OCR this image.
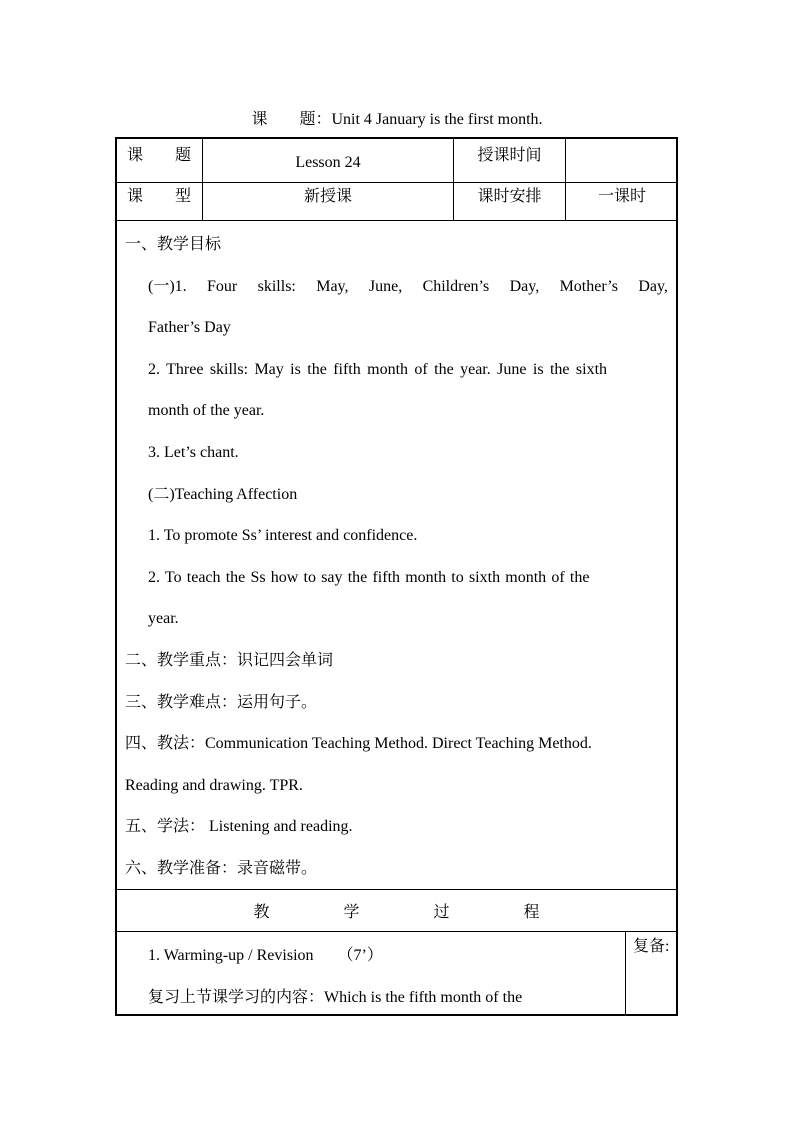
课　　题：Unit 4 January is the first month.
课　　题	Lesson 24	授课时间
课　　型	新授课	课时安排	一课时

一、教学目标

(一)1. Four skills: May, June, Children’s Day, Mother’s Day,

Father’s Day

2. Three skills: May is the fifth month of the year. June is the sixth

month of the year.

3. Let’s chant.

(二)Teaching Affection

1. To promote Ss’ interest and confidence.

2. To teach the Ss how to say the fifth month to sixth month of the

year.

二、教学重点：识记四会单词

三、教学难点：运用句子。

四、教法：Communication Teaching Method. Direct Teaching Method.

Reading and drawing. TPR.

五、学法： Listening and reading.

六、教学准备：录音磁带。

教	学	过	程

1. Warming-up / Revision      （7’）

复习上节课学习的内容：Which is the fifth month of the

复备:
